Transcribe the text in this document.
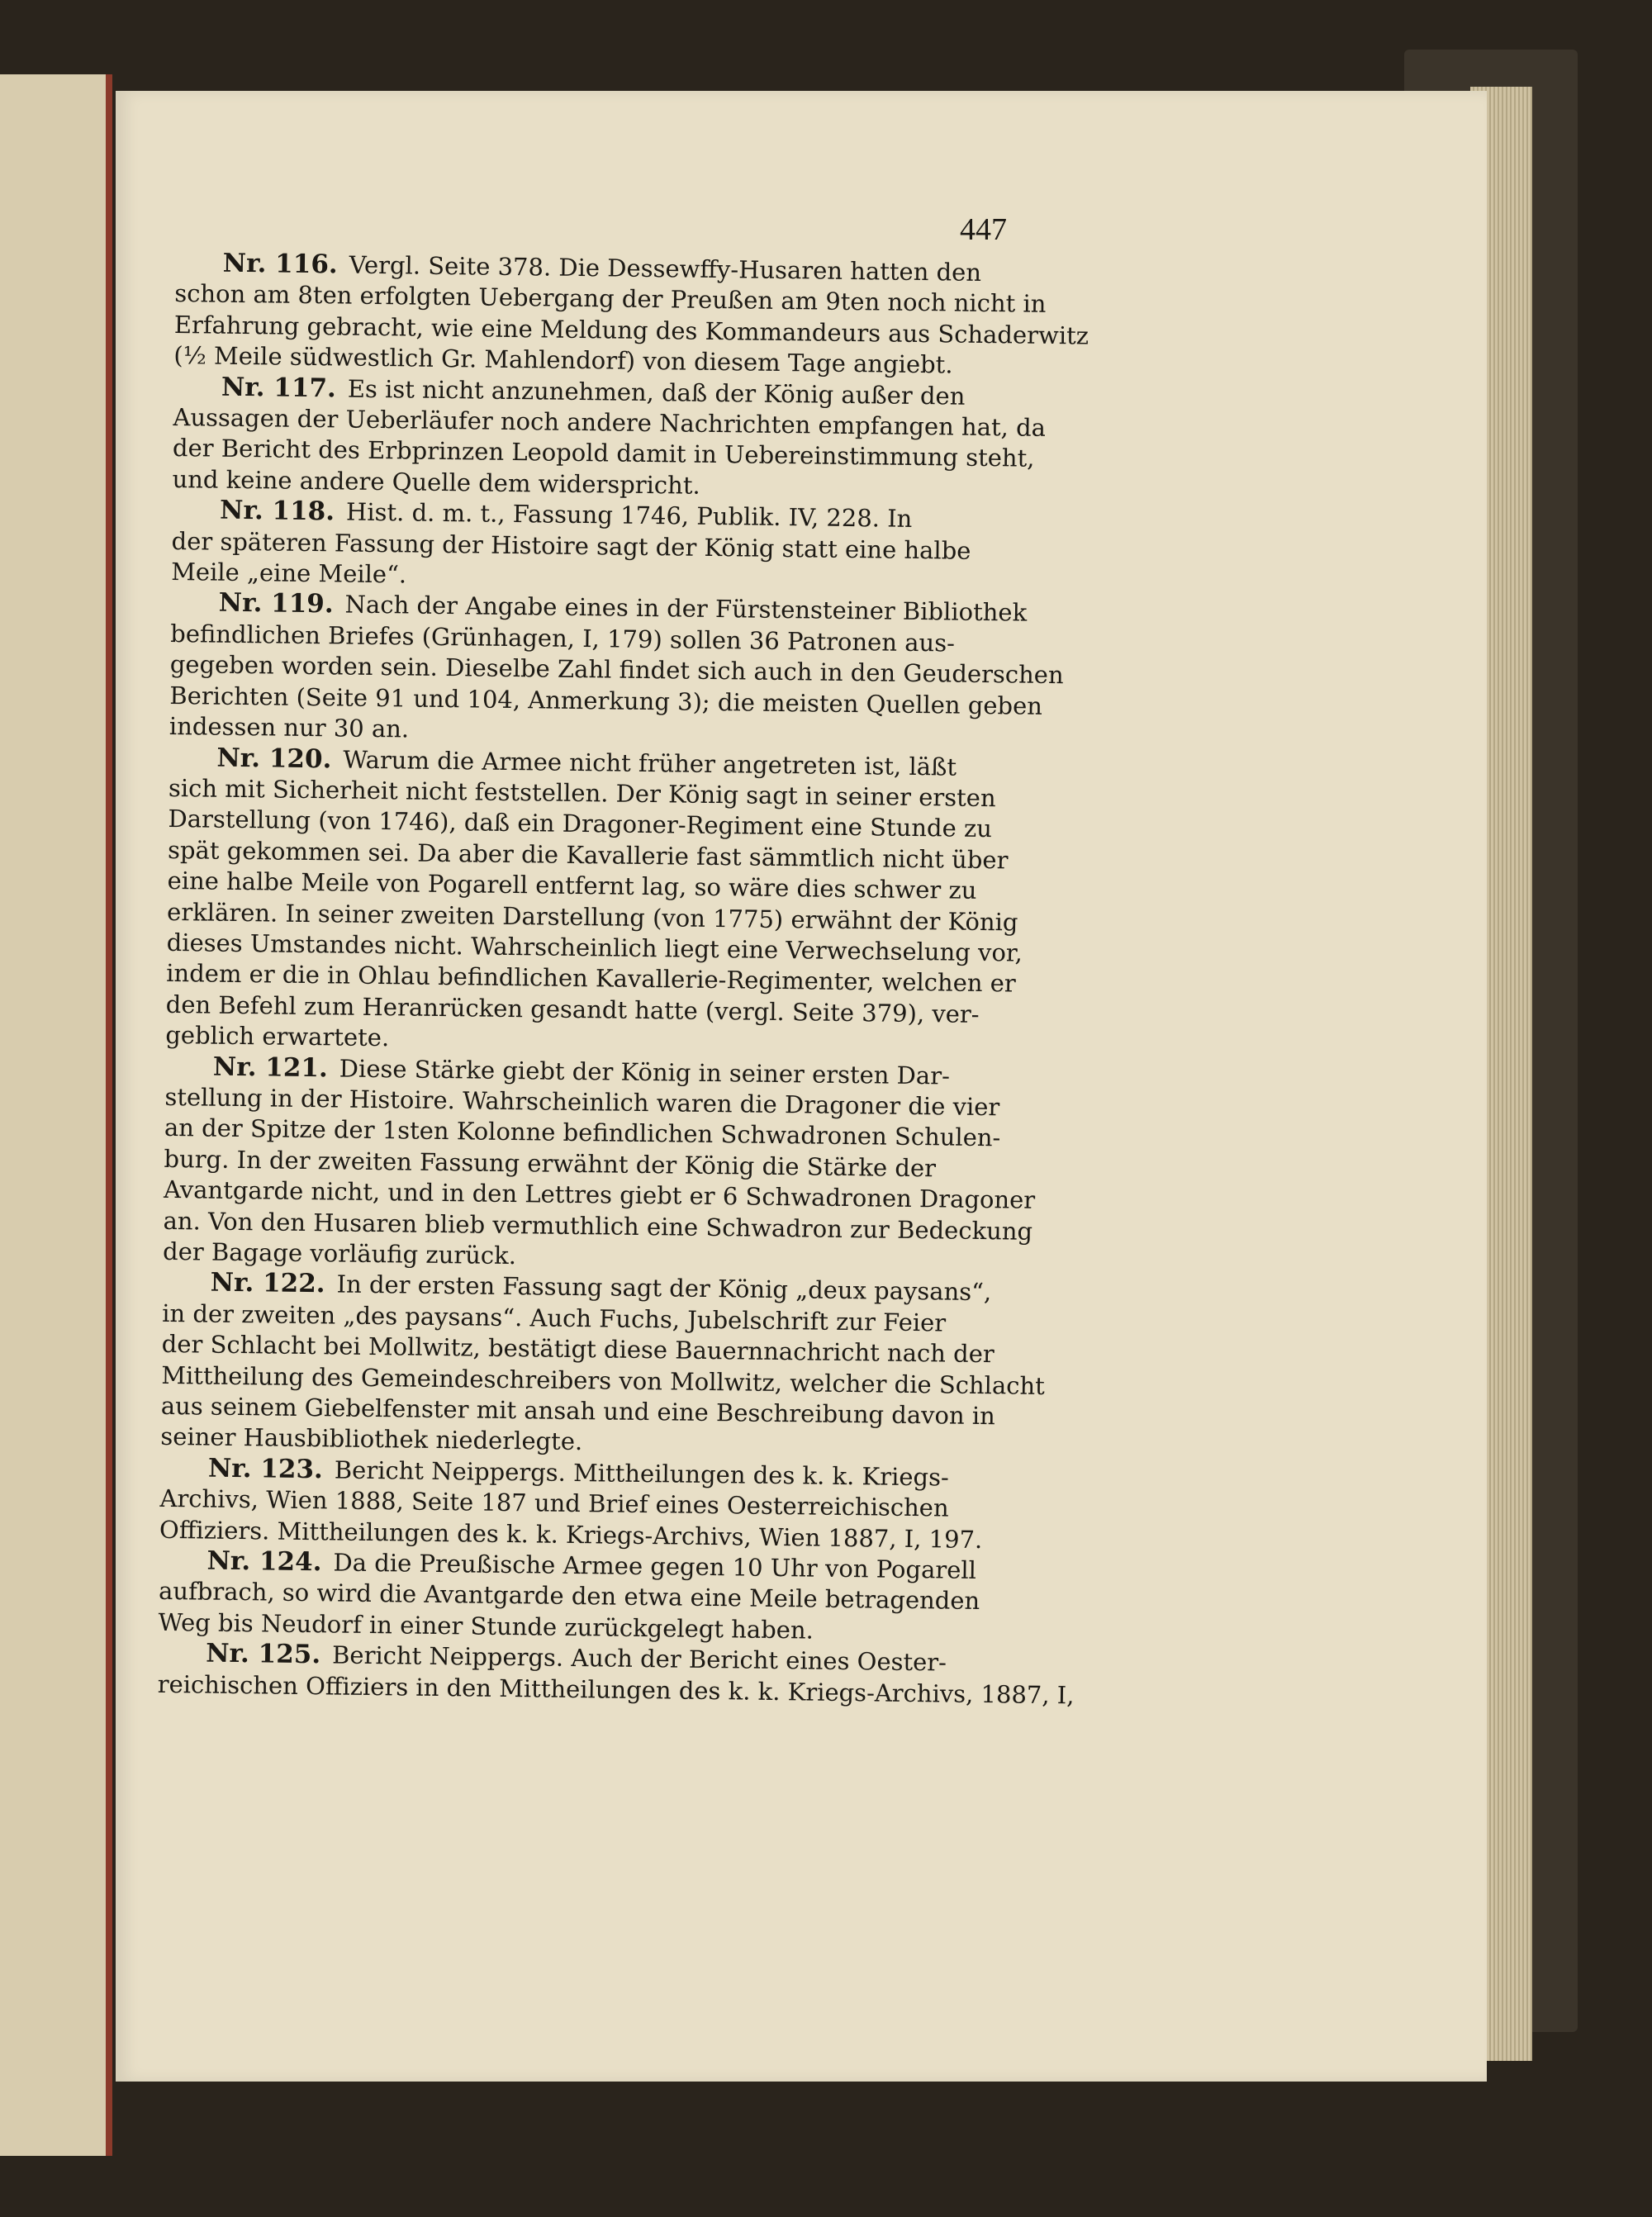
447
Nr. 116. Vergl. Seite 378. Die Dessewffy-Husaren hatten den
schon am 8ten erfolgten Uebergang der Preußen am 9ten noch nicht in
Erfahrung gebracht, wie eine Meldung des Kommandeurs aus Schaderwitz
(½ Meile südwestlich Gr. Mahlendorf) von diesem Tage angiebt.
Nr. 117. Es ist nicht anzunehmen, daß der König außer den
Aussagen der Ueberläufer noch andere Nachrichten empfangen hat, da
der Bericht des Erbprinzen Leopold damit in Uebereinstimmung steht,
und keine andere Quelle dem widerspricht.
Nr. 118. Hist. d. m. t., Fassung 1746, Publik. IV, 228. In
der späteren Fassung der Histoire sagt der König statt eine halbe
Meile „eine Meile“.
Nr. 119. Nach der Angabe eines in der Fürstensteiner Bibliothek
befindlichen Briefes (Grünhagen, I, 179) sollen 36 Patronen aus-
gegeben worden sein. Dieselbe Zahl findet sich auch in den Geuderschen
Berichten (Seite 91 und 104, Anmerkung 3); die meisten Quellen geben
indessen nur 30 an.
Nr. 120. Warum die Armee nicht früher angetreten ist, läßt
sich mit Sicherheit nicht feststellen. Der König sagt in seiner ersten
Darstellung (von 1746), daß ein Dragoner-Regiment eine Stunde zu
spät gekommen sei. Da aber die Kavallerie fast sämmtlich nicht über
eine halbe Meile von Pogarell entfernt lag, so wäre dies schwer zu
erklären. In seiner zweiten Darstellung (von 1775) erwähnt der König
dieses Umstandes nicht. Wahrscheinlich liegt eine Verwechselung vor,
indem er die in Ohlau befindlichen Kavallerie-Regimenter, welchen er
den Befehl zum Heranrücken gesandt hatte (vergl. Seite 379), ver-
geblich erwartete.
Nr. 121. Diese Stärke giebt der König in seiner ersten Dar-
stellung in der Histoire. Wahrscheinlich waren die Dragoner die vier
an der Spitze der 1sten Kolonne befindlichen Schwadronen Schulen-
burg. In der zweiten Fassung erwähnt der König die Stärke der
Avantgarde nicht, und in den Lettres giebt er 6 Schwadronen Dragoner
an. Von den Husaren blieb vermuthlich eine Schwadron zur Bedeckung
der Bagage vorläufig zurück.
Nr. 122. In der ersten Fassung sagt der König „deux paysans“,
in der zweiten „des paysans“. Auch Fuchs, Jubelschrift zur Feier
der Schlacht bei Mollwitz, bestätigt diese Bauernnachricht nach der
Mittheilung des Gemeindeschreibers von Mollwitz, welcher die Schlacht
aus seinem Giebelfenster mit ansah und eine Beschreibung davon in
seiner Hausbibliothek niederlegte.
Nr. 123. Bericht Neippergs. Mittheilungen des k. k. Kriegs-
Archivs, Wien 1888, Seite 187 und Brief eines Oesterreichischen
Offiziers. Mittheilungen des k. k. Kriegs-Archivs, Wien 1887, I, 197.
Nr. 124. Da die Preußische Armee gegen 10 Uhr von Pogarell
aufbrach, so wird die Avantgarde den etwa eine Meile betragenden
Weg bis Neudorf in einer Stunde zurückgelegt haben.
Nr. 125. Bericht Neippergs. Auch der Bericht eines Oester-
reichischen Offiziers in den Mittheilungen des k. k. Kriegs-Archivs, 1887, I,
